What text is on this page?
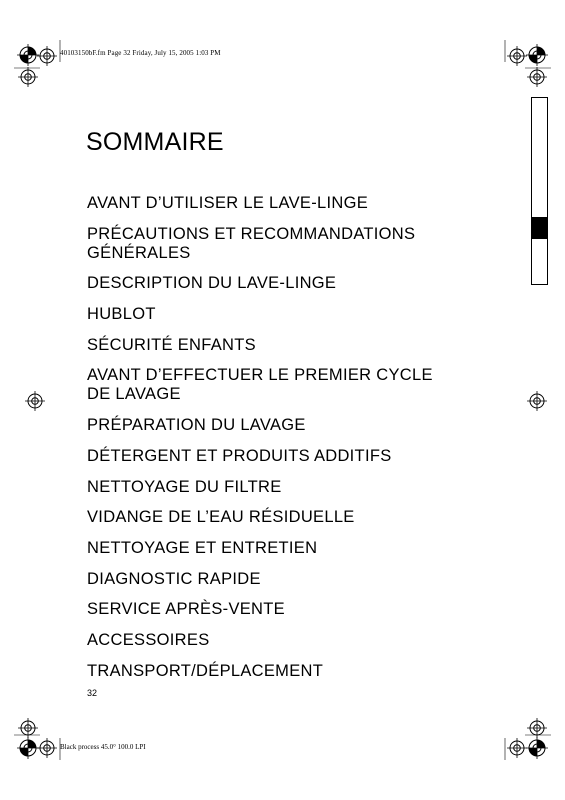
40103150bF.fm Page 32 Friday, July 15, 2005 1:03 PM
SOMMAIRE
AVANT D’UTILISER LE LAVE-LINGE
PRÉCAUTIONS ET RECOMMANDATIONS GÉNÉRALES
DESCRIPTION DU LAVE-LINGE
HUBLOT
SÉCURITÉ ENFANTS
AVANT D’EFFECTUER LE PREMIER CYCLE DE LAVAGE
PRÉPARATION DU LAVAGE
DÉTERGENT ET PRODUITS ADDITIFS
NETTOYAGE DU FILTRE
VIDANGE DE L’EAU RÉSIDUELLE
NETTOYAGE ET ENTRETIEN
DIAGNOSTIC RAPIDE
SERVICE APRÈS-VENTE
ACCESSOIRES
TRANSPORT/DÉPLACEMENT
32
Black process 45.0° 100.0 LPI
